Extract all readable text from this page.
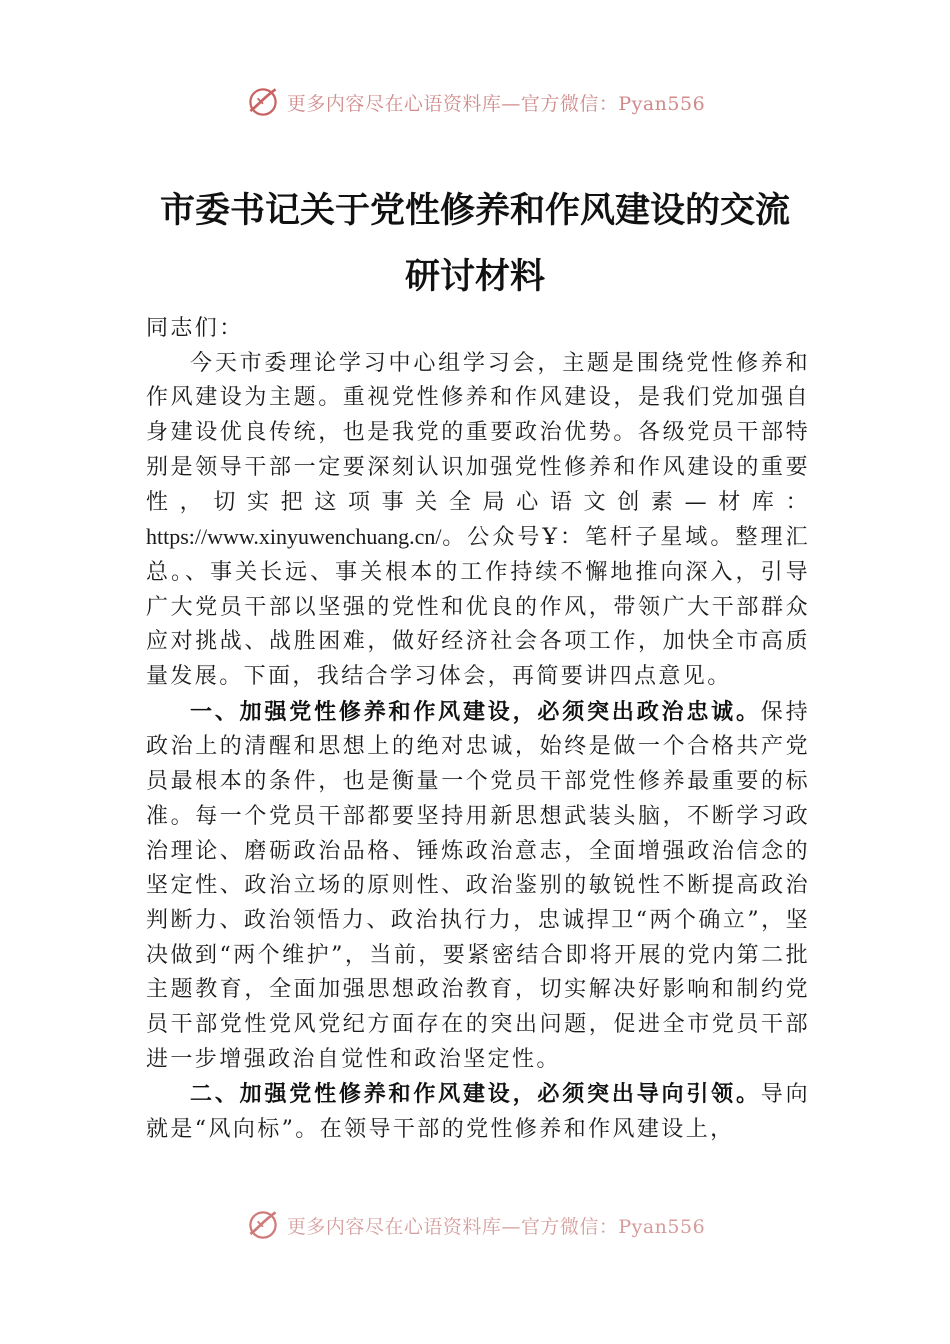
更多内容尽在心语资料库—官方微信：Pyan556
市委书记关于党性修养和作风建设的交流
研讨材料

同志们：

今天市委理论学习中心组学习会，主题是围绕党性修养和作风建设为主题。重视党性修养和作风建设，是我们党加强自身建设优良传统，也是我党的重要政治优势。各级党员干部特别是领导干部一定要深刻认识加强党性修养和作风建设的重要性，切实把这项事关全局心语文创素—材库：https://www.xinyuwenchuang.cn/。公众号Ұ：笔杆子星域。整理汇总。、事关长远、事关根本的工作持续不懈地推向深入，引导广大党员干部以坚强的党性和优良的作风，带领广大干部群众应对挑战、战胜困难，做好经济社会各项工作，加快全市高质量发展。下面，我结合学习体会，再简要讲四点意见。

一、加强党性修养和作风建设，必须突出政治忠诚。保持政治上的清醒和思想上的绝对忠诚，始终是做一个合格共产党员最根本的条件，也是衡量一个党员干部党性修养最重要的标准。每一个党员干部都要坚持用新思想武装头脑，不断学习政治理论、磨砺政治品格、锤炼政治意志，全面增强政治信念的坚定性、政治立场的原则性、政治鉴别的敏锐性不断提高政治判断力、政治领悟力、政治执行力，忠诚捍卫“两个确立”，坚决做到“两个维护”，当前，要紧密结合即将开展的党内第二批主题教育，全面加强思想政治教育，切实解决好影响和制约党员干部党性党风党纪方面存在的突出问题，促进全市党员干部进一步增强政治自觉性和政治坚定性。

二、加强党性修养和作风建设，必须突出导向引领。导向就是“风向标”。在领导干部的党性修养和作风建设上，

更多内容尽在心语资料库—官方微信：Pyan556
